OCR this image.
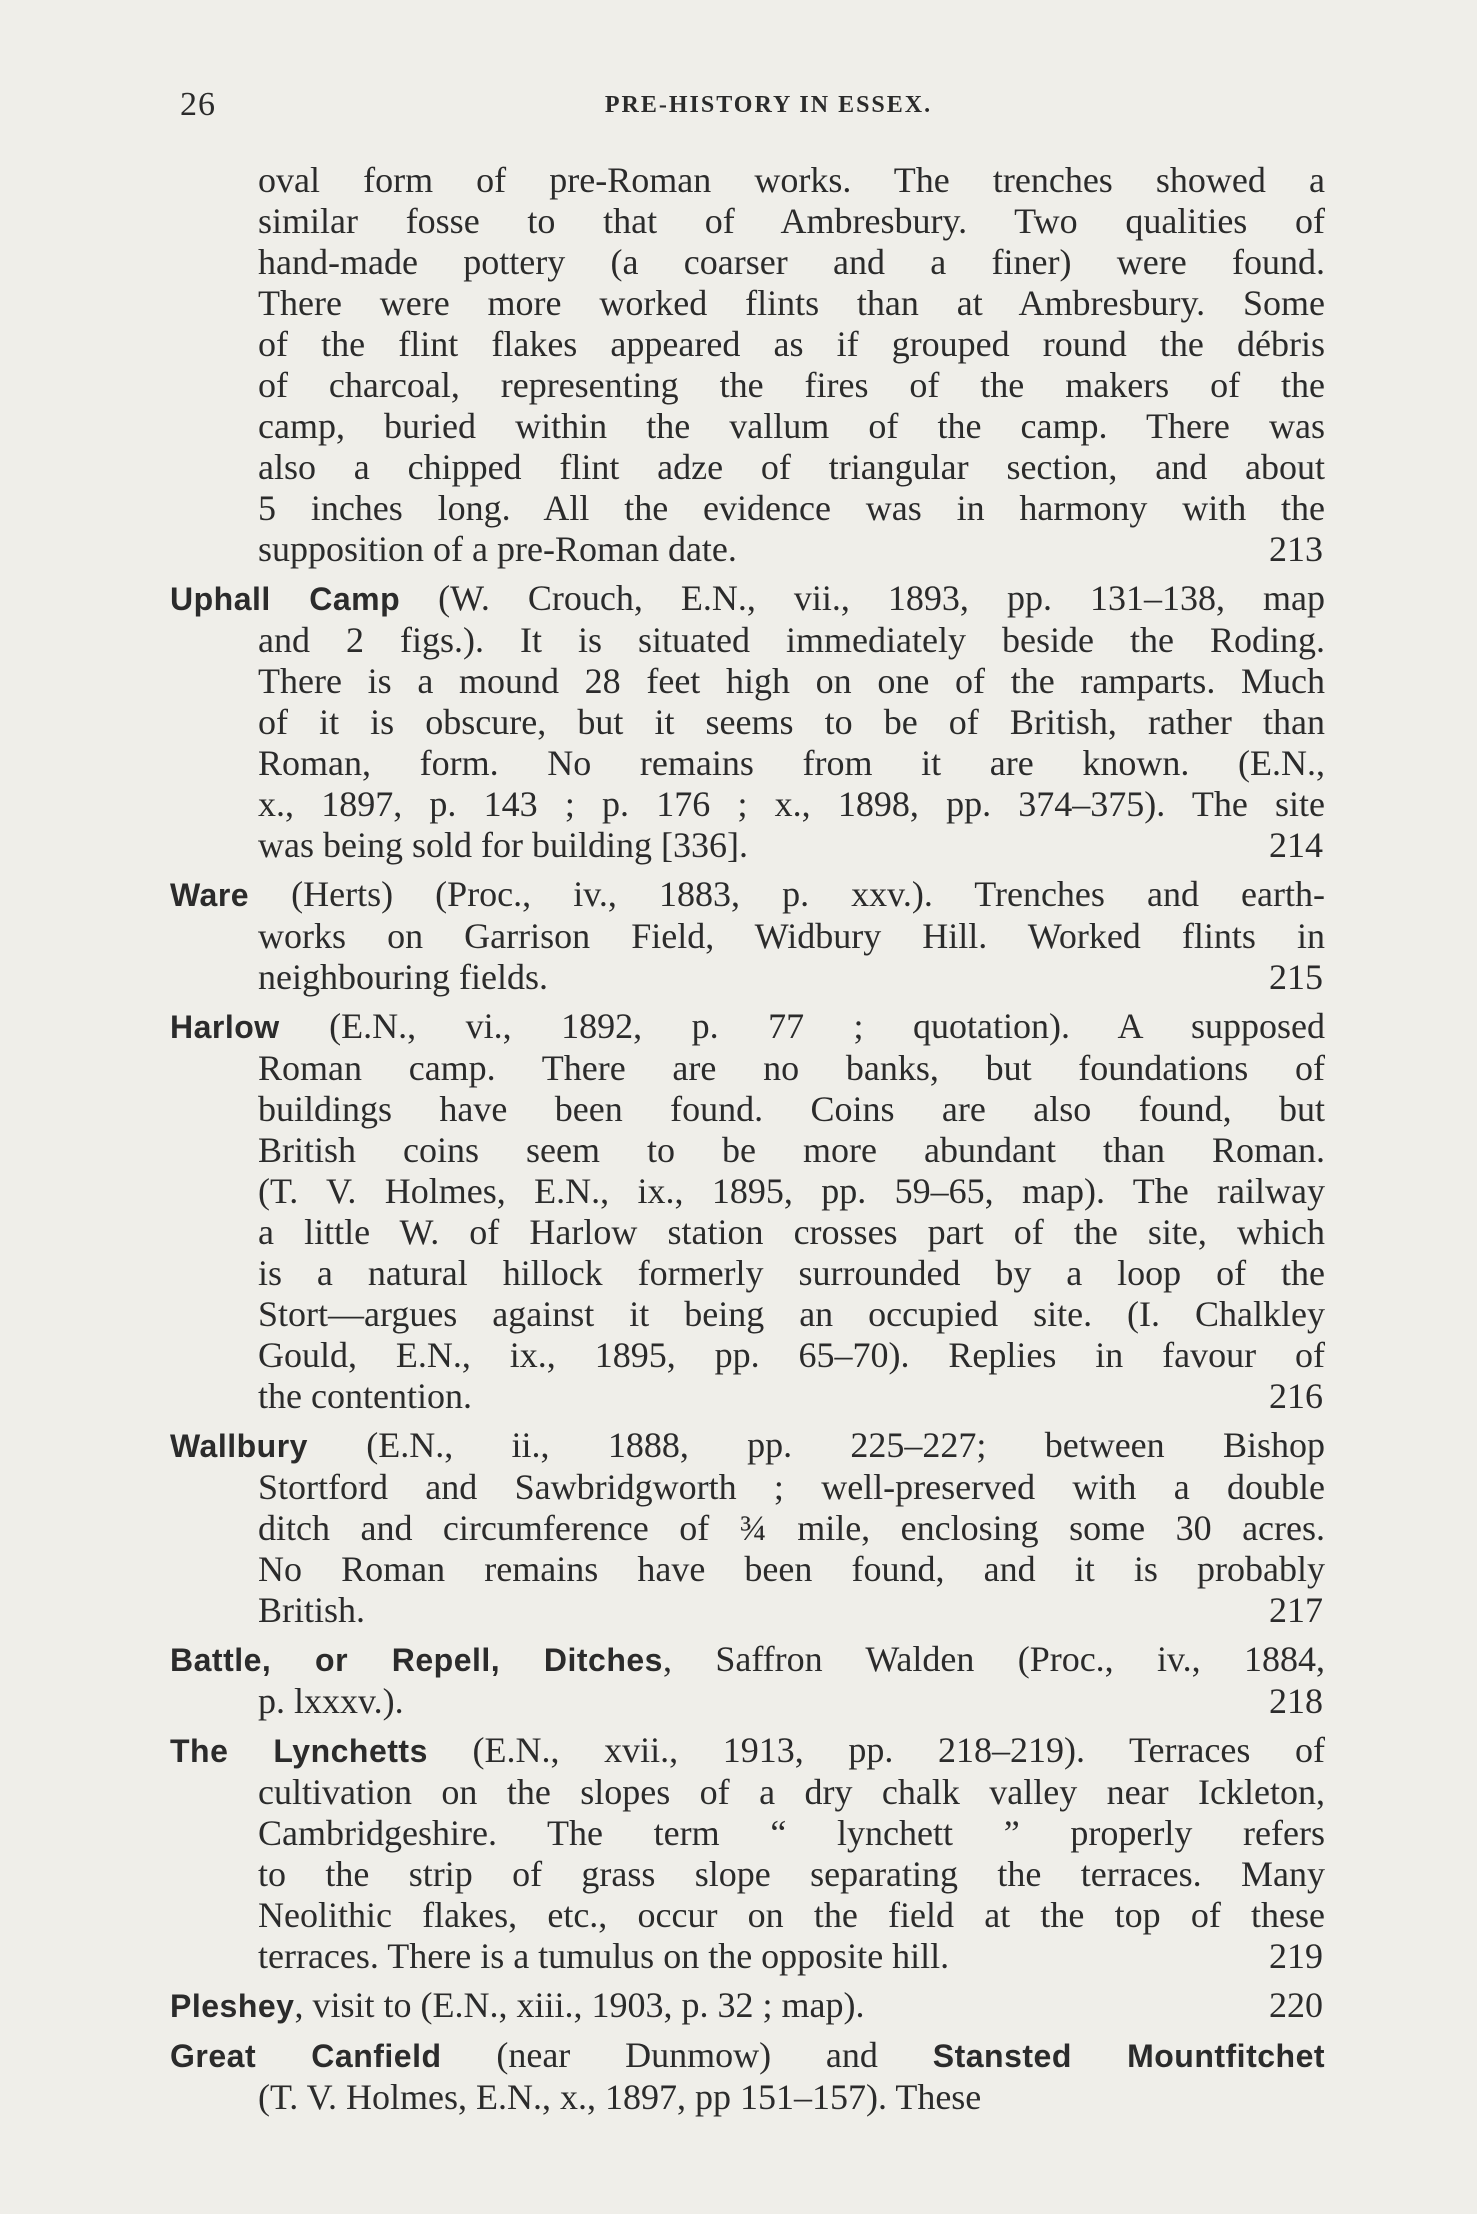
26	PRE-HISTORY IN ESSEX.
oval form of pre-Roman works. The trenches showed a
similar fosse to that of Ambresbury. Two qualities of
hand-made pottery (a coarser and a finer) were found.
There were more worked flints than at Ambresbury. Some
of the flint flakes appeared as if grouped round the débris
of charcoal, representing the fires of the makers of the
camp, buried within the vallum of the camp. There was
also a chipped flint adze of triangular section, and about
5 inches long. All the evidence was in harmony with the
supposition of a pre-Roman date.	213
Uphall Camp (W. Crouch, E.N., vii., 1893, pp. 131–138, map
and 2 figs.). It is situated immediately beside the Roding.
There is a mound 28 feet high on one of the ramparts. Much
of it is obscure, but it seems to be of British, rather than
Roman, form. No remains from it are known. (E.N.,
x., 1897, p. 143 ; p. 176 ; x., 1898, pp. 374–375). The site
was being sold for building [336].	214
Ware (Herts) (Proc., iv., 1883, p. xxv.). Trenches and earth-
works on Garrison Field, Widbury Hill. Worked flints in
neighbouring fields.	215
Harlow (E.N., vi., 1892, p. 77 ; quotation). A supposed
Roman camp. There are no banks, but foundations of
buildings have been found. Coins are also found, but
British coins seem to be more abundant than Roman.
(T. V. Holmes, E.N., ix., 1895, pp. 59–65, map). The railway
a little W. of Harlow station crosses part of the site, which
is a natural hillock formerly surrounded by a loop of the
Stort—argues against it being an occupied site. (I. Chalkley
Gould, E.N., ix., 1895, pp. 65–70). Replies in favour of
the contention.	216
Wallbury (E.N., ii., 1888, pp. 225–227; between Bishop
Stortford and Sawbridgworth ; well-preserved with a double
ditch and circumference of ¾ mile, enclosing some 30 acres.
No Roman remains have been found, and it is probably
British.	217
Battle, or Repell, Ditches, Saffron Walden (Proc., iv., 1884,
p. lxxxv.).	218
The Lynchetts (E.N., xvii., 1913, pp. 218–219). Terraces of
cultivation on the slopes of a dry chalk valley near Ickleton,
Cambridgeshire. The term “ lynchett ” properly refers
to the strip of grass slope separating the terraces. Many
Neolithic flakes, etc., occur on the field at the top of these
terraces. There is a tumulus on the opposite hill.	219
Pleshey, visit to (E.N., xiii., 1903, p. 32 ; map).	220
Great Canfield (near Dunmow) and Stansted Mountfitchet
(T. V. Holmes, E.N., x., 1897, pp 151–157). These
